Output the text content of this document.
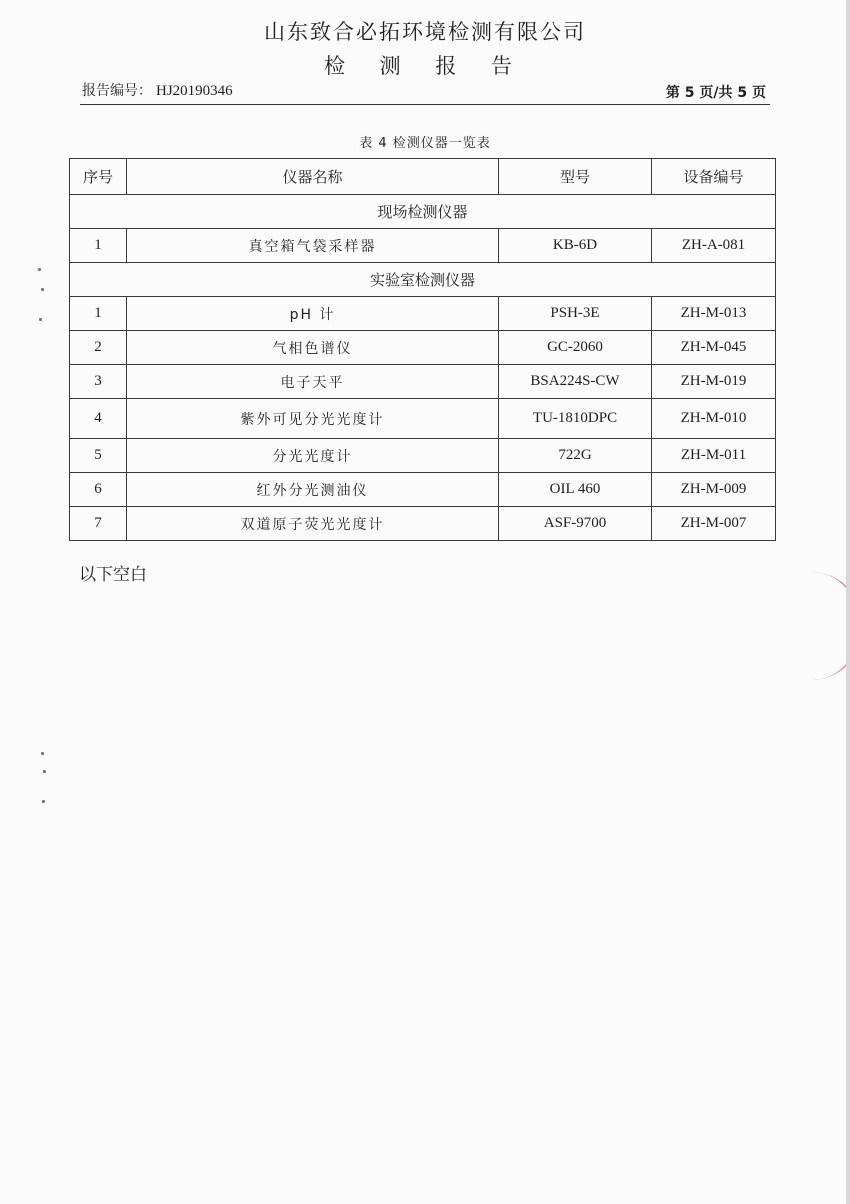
山东致合必拓环境检测有限公司
检 测 报 告
报告编号： HJ20190346	第 5 页/共 5 页
表 4 检测仪器一览表
序号	仪器名称	型号	设备编号
现场检测仪器			
1	真空箱气袋采样器	KB-6D	ZH-A-081
实验室检测仪器			
1	pH 计	PSH-3E	ZH-M-013
2	气相色谱仪	GC-2060	ZH-M-045
3	电子天平	BSA224S-CW	ZH-M-019
4	紫外可见分光光度计	TU-1810DPC	ZH-M-010
5	分光光度计	722G	ZH-M-011
6	红外分光测油仪	OIL 460	ZH-M-009
7	双道原子荧光光度计	ASF-9700	ZH-M-007
以下空白
